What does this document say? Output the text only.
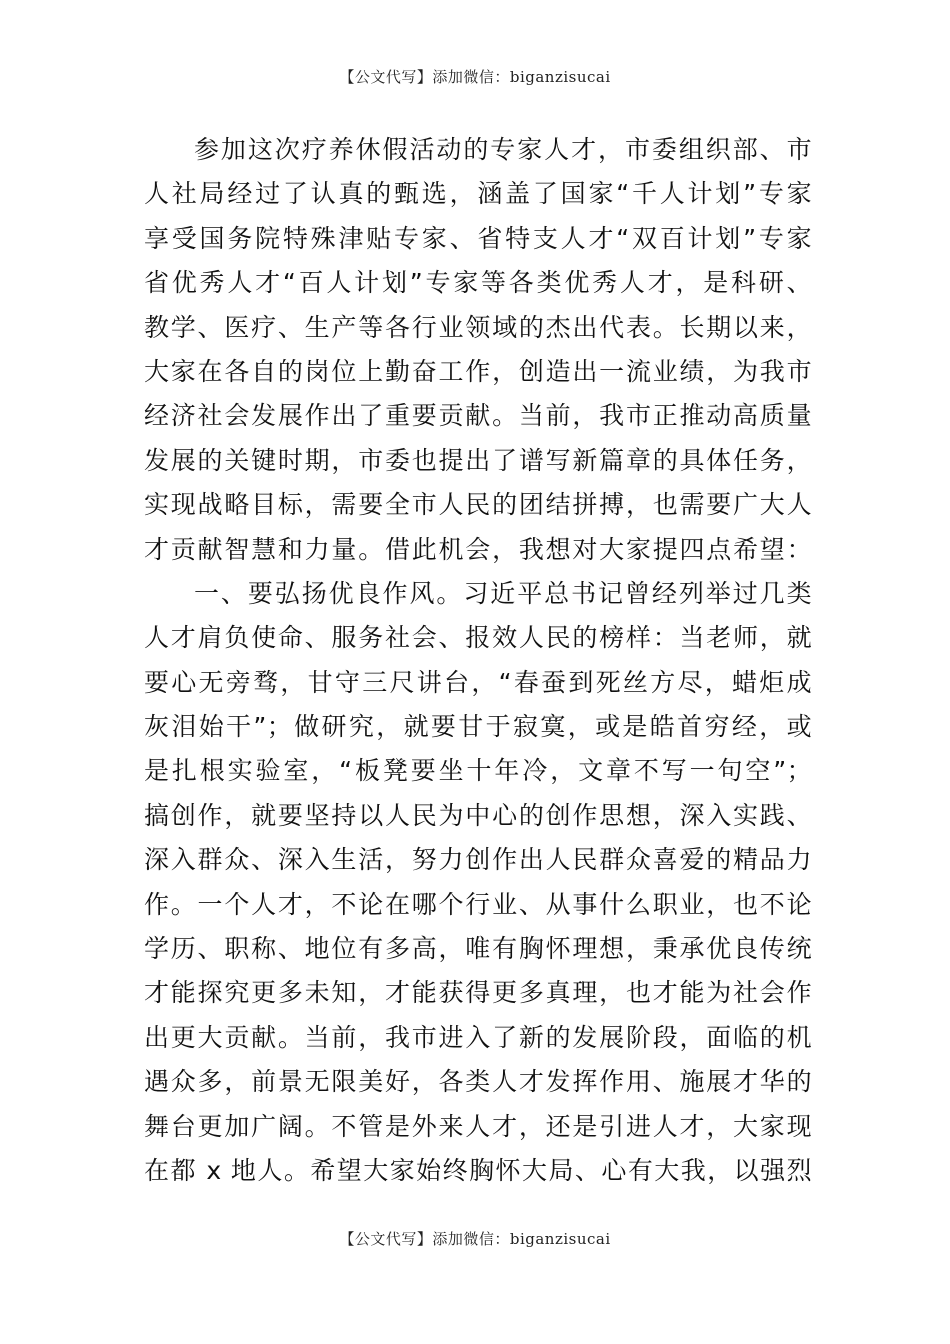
【公文代写】添加微信：biganzisucai
参加这次疗养休假活动的专家人才，市委组织部、市
人社局经过了认真的甄选，涵盖了国家“千人计划”专家
享受国务院特殊津贴专家、省特支人才“双百计划”专家
省优秀人才“百人计划”专家等各类优秀人才，是科研、
教学、医疗、生产等各行业领域的杰出代表。长期以来，
大家在各自的岗位上勤奋工作，创造出一流业绩，为我市
经济社会发展作出了重要贡献。当前，我市正推动高质量
发展的关键时期，市委也提出了谱写新篇章的具体任务，
实现战略目标，需要全市人民的团结拼搏，也需要广大人
才贡献智慧和力量。借此机会，我想对大家提四点希望：
一、要弘扬优良作风。习近平总书记曾经列举过几类
人才肩负使命、服务社会、报效人民的榜样：当老师，就
要心无旁骛，甘守三尺讲台，“春蚕到死丝方尽，蜡炬成
灰泪始干”；做研究，就要甘于寂寞，或是皓首穷经，或
是扎根实验室，“板凳要坐十年冷，文章不写一句空”；
搞创作，就要坚持以人民为中心的创作思想，深入实践、
深入群众、深入生活，努力创作出人民群众喜爱的精品力
作。一个人才，不论在哪个行业、从事什么职业，也不论
学历、职称、地位有多高，唯有胸怀理想，秉承优良传统
才能探究更多未知，才能获得更多真理，也才能为社会作
出更大贡献。当前，我市进入了新的发展阶段，面临的机
遇众多，前景无限美好，各类人才发挥作用、施展才华的
舞台更加广阔。不管是外来人才，还是引进人才，大家现
在都 x 地人。希望大家始终胸怀大局、心有大我，以强烈
【公文代写】添加微信：biganzisucai
